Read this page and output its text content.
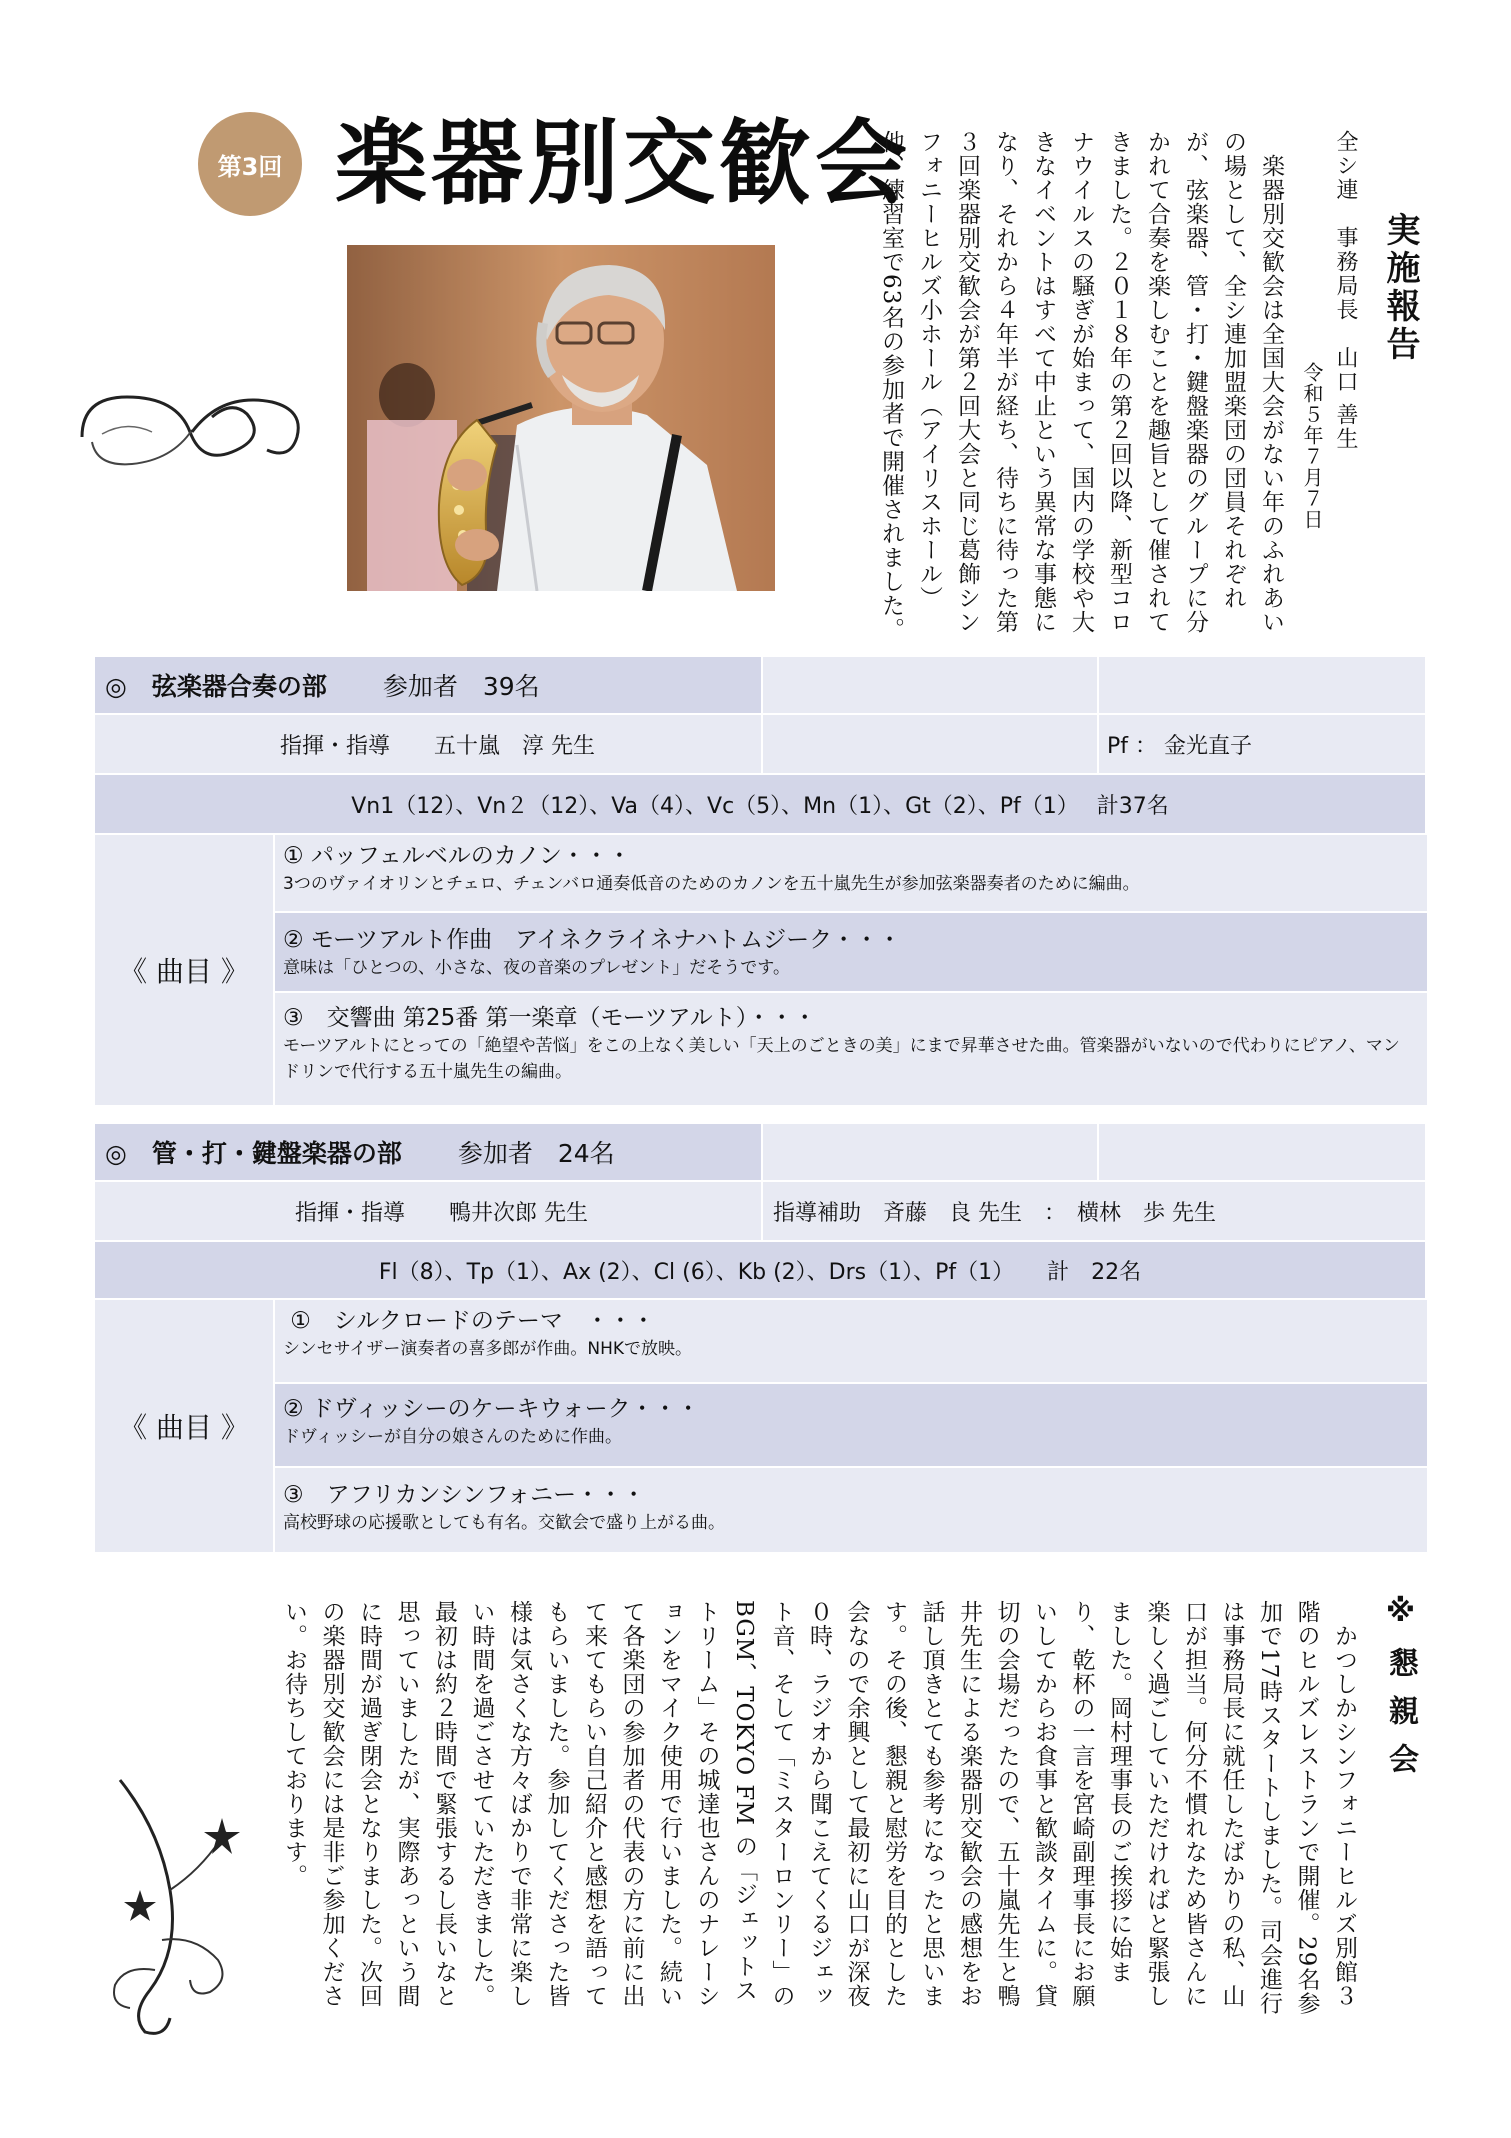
第3回 楽器別交歓会
実施報告
全シ連　事務局長　山口 善生
令和５年７月７日
　楽器別交歓会は全国大会がない年のふれあいの場として、全シ連加盟楽団の団員それぞれが、弦楽器、管・打・鍵盤楽器のグループに分かれて合奏を楽しむことを趣旨として催されてきました。２０１８年の第２回以降、新型コロナウイルスの騒ぎが始まって、国内の学校や大きなイベントはすべて中止という異常な事態になり、それから４年半が経ち、待ちに待った第３回楽器別交歓会が第２回大会と同じ葛飾シンフォニーヒルズ小ホール（アイリスホール）他、練習室で63名の参加者で開催されました。
◎　弦楽器合奏の部 参加者　39名
指揮・指導　　五十嵐　淳 先生	Pf ： 金光直子
Vn1（12）、Vn２（12）、Va（4）、Vc（5）、Mn（1）、Gt（2）、Pf（1）　 計37名
《 曲目 》
① パッフェルベルのカノン・・・
3つのヴァイオリンとチェロ、チェンバロ通奏低音のためのカノンを五十嵐先生が参加弦楽器奏者のために編曲。
② モーツアルト作曲　アイネクライネナハトムジーク・・・
意味は「ひとつの、小さな、夜の音楽のプレゼント」だそうです。
③　交響曲 第25番 第一楽章（モーツアルト）・・・
モーツアルトにとっての「絶望や苦悩」をこの上なく美しい「天上のごときの美」にまで昇華させた曲。管楽器がいないので代わりにピアノ、マンドリンで代行する五十嵐先生の編曲。
◎　管・打・鍵盤楽器の部 参加者　24名
指揮・指導　　鴨井次郎 先生	指導補助　斉藤　良 先生　：　横林　歩 先生
Fl（8）、Tp（1）、Ax (2）、Cl (6）、Kb (2）、Drs（1）、Pf（1）　　計　22名
《 曲目 》
①　シルクロードのテーマ　・・・
シンセサイザー演奏者の喜多郎が作曲。NHKで放映。
② ドヴィッシーのケーキウォーク・・・
ドヴィッシーが自分の娘さんのために作曲。
③　アフリカンシンフォニー・・・
高校野球の応援歌としても有名。交歓会で盛り上がる曲。
※懇親会
　かつしかシンフォニーヒルズ別館３階のヒルズレストランで開催。29名参加で17時スタートしました。司会進行は事務局長に就任したばかりの私、山口が担当。何分不慣れなため皆さんに楽しく過ごしていただければと緊張しました。岡村理事長のご挨拶に始まり、乾杯の一言を宮崎副理事長にお願いしてからお食事と歓談タイムに。貸切の会場だったので、五十嵐先生と鴨井先生による楽器別交歓会の感想をお話し頂きとても参考になったと思います。その後、懇親と慰労を目的とした会なので余興として最初に山口が深夜０時、ラジオから聞こえてくるジェット音、そして「ミスターロンリー」のBGM、TOKYO FM の「ジェットストリーム」その城達也さんのナレーションをマイク使用で行いました。続いて各楽団の参加者の代表の方に前に出て来てもらい自己紹介と感想を語ってもらいました。参加してくださった皆様は気さくな方々ばかりで非常に楽しい時間を過ごさせていただきました。最初は約２時間で緊張するし長いなと思っていましたが、実際あっという間に時間が過ぎ閉会となりました。次回の楽器別交歓会には是非ご参加ください。お待ちしております。
